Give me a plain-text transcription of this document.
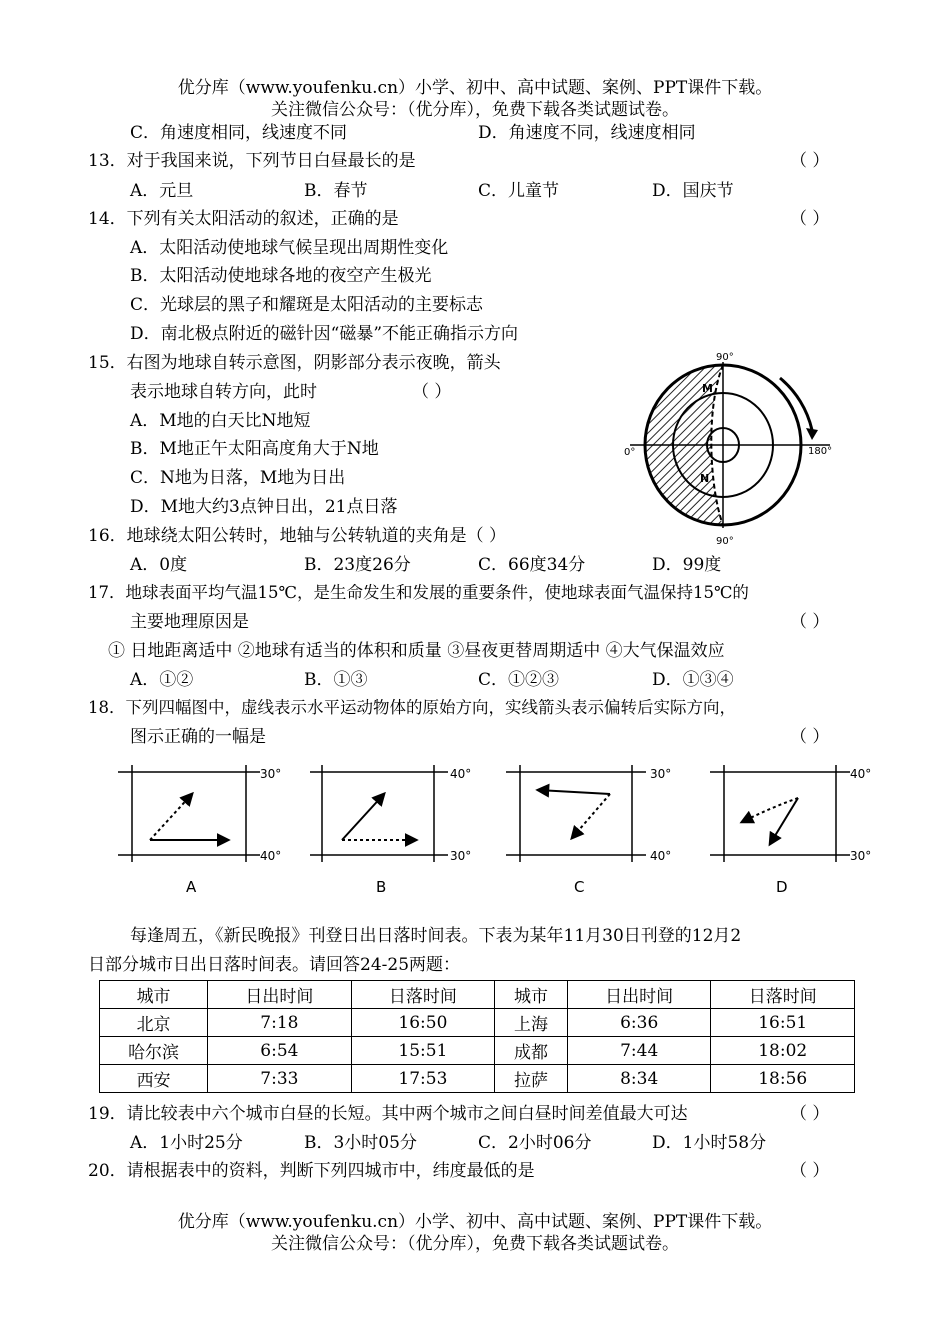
优分库（www.youfenku.cn）小学、初中、高中试题、案例、PPT课件下载。
关注微信公众号：（优分库），免费下载各类试题试卷。
C．角速度相同，线速度不同	D．角速度不同，线速度相同
13．对于我国来说，下列节日白昼最长的是	（ ）
A．元旦	B．春节	C．儿童节	D．国庆节
14．下列有关太阳活动的叙述，正确的是	（ ）
A．太阳活动使地球气候呈现出周期性变化
B．太阳活动使地球各地的夜空产生极光
C．光球层的黑子和耀斑是太阳活动的主要标志
D．南北极点附近的磁针因“磁暴”不能正确指示方向
15．右图为地球自转示意图，阴影部分表示夜晚，箭头
表示地球自转方向，此时	（ ）
A．M地的白天比N地短
B．M地正午太阳高度角大于N地
C．N地为日落，M地为日出
D．M地大约3点钟日出，21点日落
90°
90°
0°	180°
M
N
16．地球绕太阳公转时，地轴与公转轨道的夹角是（ ）
A．0度	B．23度26分	C．66度34分	D．99度
17．地球表面平均气温15℃，是生命发生和发展的重要条件，使地球表面气温保持15℃的
主要地理原因是	（ ）
① 日地距离适中 ②地球有适当的体积和质量 ③昼夜更替周期适中 ④大气保温效应
A．①②	B．①③	C．①②③	D．①③④
18．下列四幅图中，虚线表示水平运动物体的原始方向，实线箭头表示偏转后实际方向，
图示正确的一幅是	（ ）
30°
40°
A
40°
30°
B
30°
40°
C
40°
30°
D
每逢周五，《新民晚报》刊登日出日落时间表。下表为某年11月30日刊登的12月2
日部分城市日出日落时间表。请回答24-25两题：
城市	日出时间	日落时间	城市	日出时间	日落时间
北京	7:18	16:50	上海	6:36	16:51
哈尔滨	6:54	15:51	成都	7:44	18:02
西安	7:33	17:53	拉萨	8:34	18:56
19．请比较表中六个城市白昼的长短。其中两个城市之间白昼时间差值最大可达	（ ）
A．1小时25分	B．3小时05分	C．2小时06分	D．1小时58分
20．请根据表中的资料，判断下列四城市中，纬度最低的是	（ ）
优分库（www.youfenku.cn）小学、初中、高中试题、案例、PPT课件下载。
关注微信公众号：（优分库），免费下载各类试题试卷。
